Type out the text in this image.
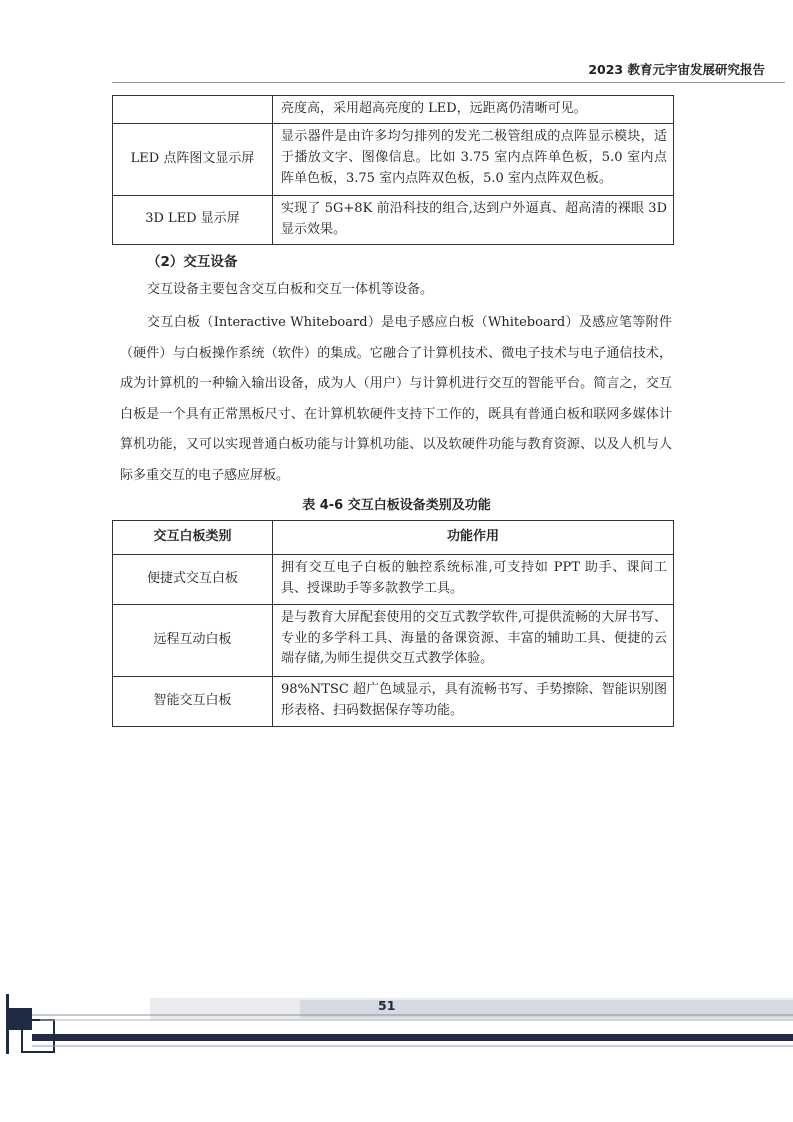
2023 教育元宇宙发展研究报告
	亮度高，采用超高亮度的 LED，远距离仍清晰可见。
LED 点阵图文显示屏	显示器件是由许多均匀排列的发光二极管组成的点阵显示模块，适于播放文字、图像信息。比如 3.75 室内点阵单色板，5.0 室内点阵单色板，3.75 室内点阵双色板，5.0 室内点阵双色板。
3D LED 显示屏	实现了 5G+8K 前沿科技的组合,达到户外逼真、超高清的裸眼 3D 显示效果。
（2）交互设备

交互设备主要包含交互白板和交互一体机等设备。

交互白板（Interactive Whiteboard）是电子感应白板（Whiteboard）及感应笔等附件（硬件）与白板操作系统（软件）的集成。它融合了计算机技术、微电子技术与电子通信技术，成为计算机的一种输入输出设备，成为人（用户）与计算机进行交互的智能平台。简言之，交互白板是一个具有正常黑板尺寸、在计算机软硬件支持下工作的，既具有普通白板和联网多媒体计算机功能，又可以实现普通白板功能与计算机功能、以及软硬件功能与教育资源、以及人机与人际多重交互的电子感应屏板。

表 4-6 交互白板设备类别及功能
交互白板类别	功能作用
便捷式交互白板	拥有交互电子白板的触控系统标准,可支持如 PPT 助手、课间工具、授课助手等多款教学工具。
远程互动白板	是与教育大屏配套使用的交互式教学软件,可提供流畅的大屏书写、专业的多学科工具、海量的备课资源、丰富的辅助工具、便捷的云端存储,为师生提供交互式教学体验。
智能交互白板	98%NTSC 超广色域显示，具有流畅书写、手势擦除、智能识别图形表格、扫码数据保存等功能。
51
